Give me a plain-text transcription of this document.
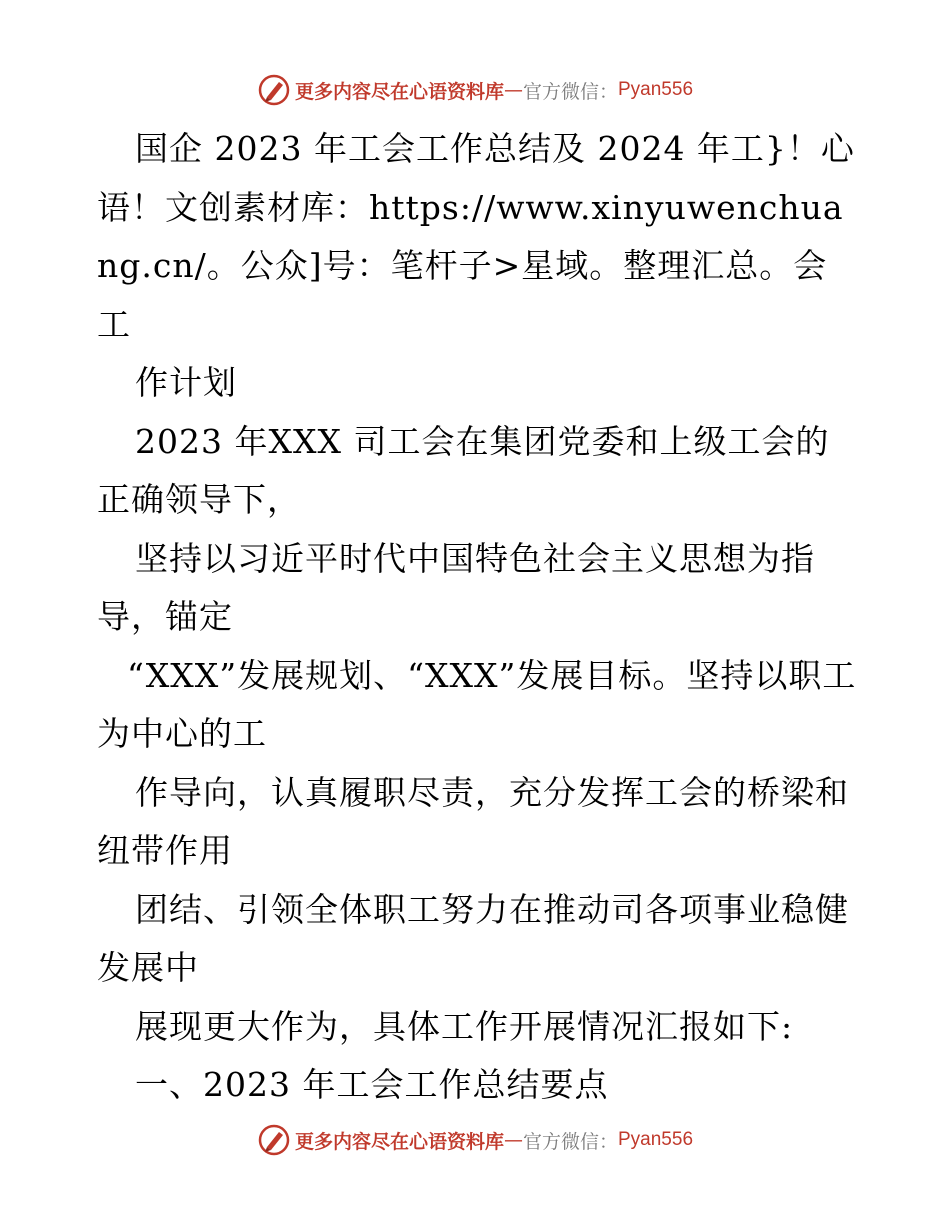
更多内容尽在心语资料库 — 官方微信： Pyan556

国企 2023 年工会工作总结及 2024 年工}！心语！文创素材库：https://www.xinyuwenchuang.cn/。公众]号：笔杆子>星域。整理汇总。会工

作计划

2023 年XXX 司工会在集团党委和上级工会的正确领导下，

坚持以习近平时代中国特色社会主义思想为指导，锚定

“XXX”发展规划、“XXX”发展目标。坚持以职工为中心的工

作导向，认真履职尽责，充分发挥工会的桥梁和纽带作用

团结、引领全体职工努力在推动司各项事业稳健发展中

展现更大作为，具体工作开展情况汇报如下:

一、2023 年工会工作总结要点

更多内容尽在心语资料库 — 官方微信： Pyan556
